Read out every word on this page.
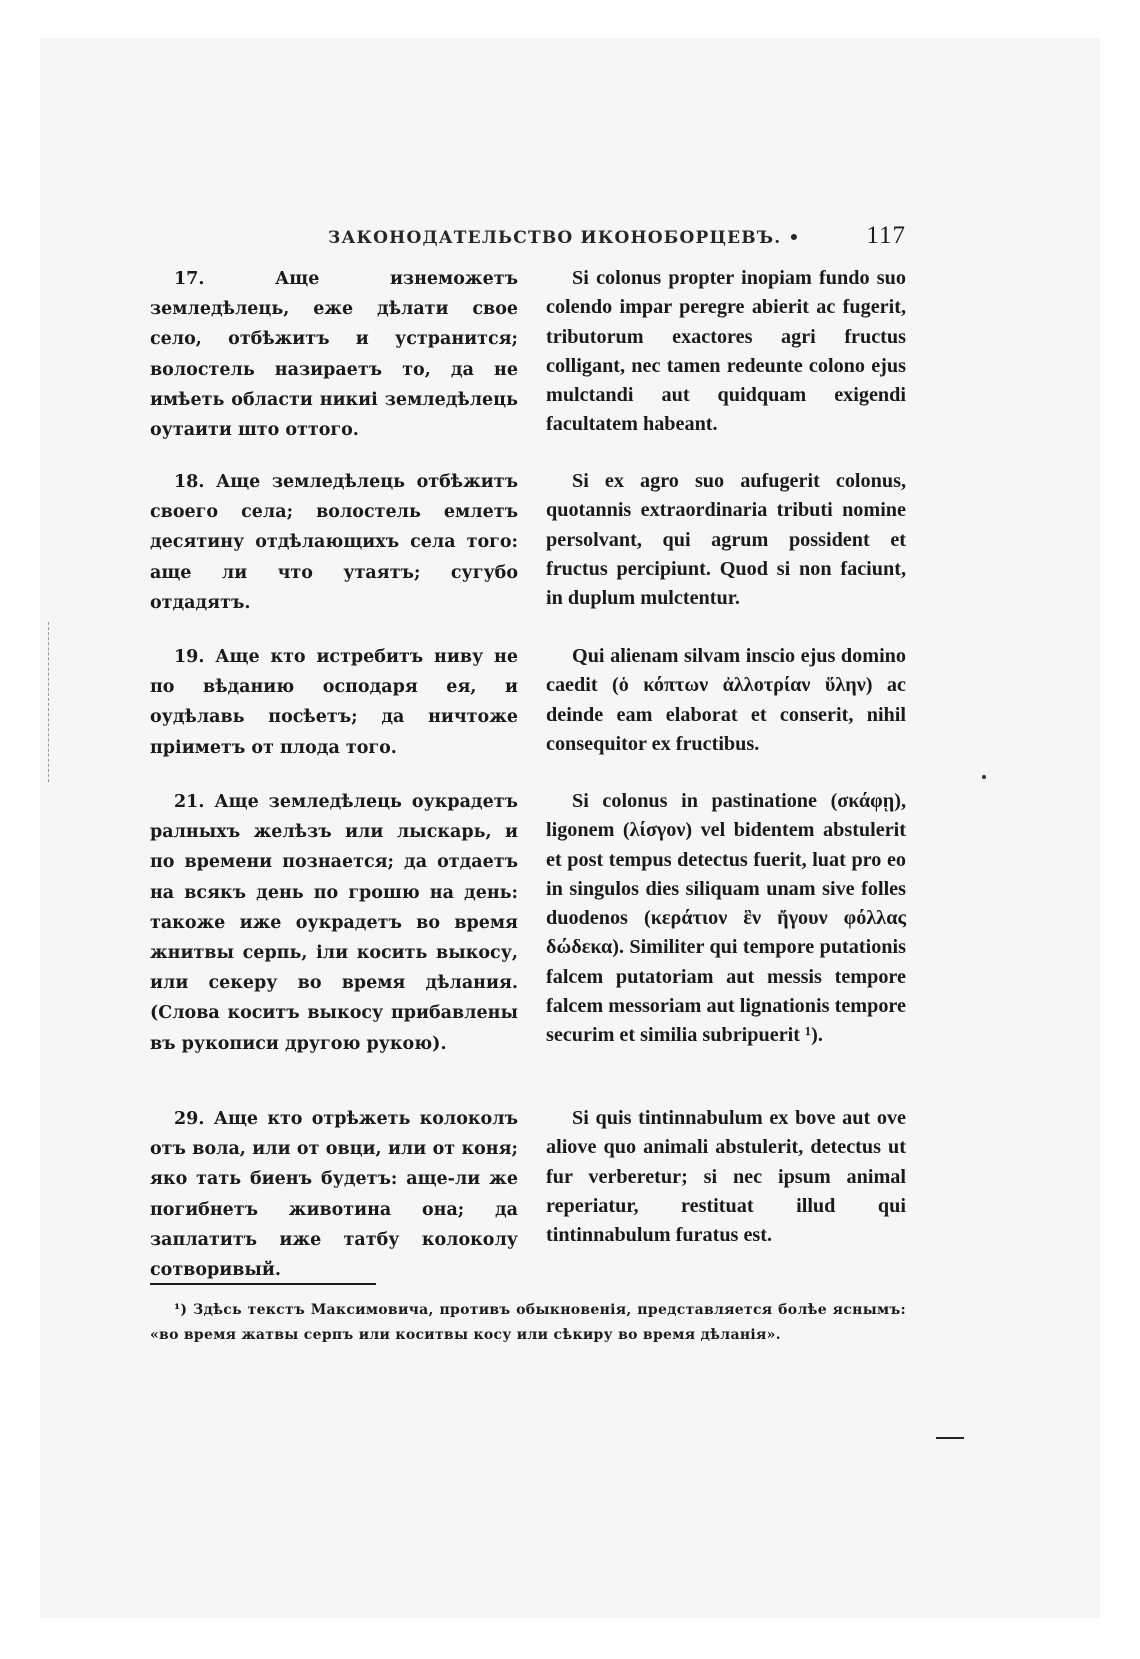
ЗАКОНОДАТЕЛЬСТВО ИКОНОБОРЦЕВЪ. •	117

17. Аще изнеможетъ земледѣлець, еже дѣлати свое село, отбѣжитъ и устранится; волостель назираетъ то, да не имѣеть области никиі земледѣлець оутаити што оттого.

Si colonus propter inopiam fundo suo colendo impar peregre abierit ac fugerit, tributorum exactores agri fructus colligant, nec tamen redeunte colono ejus mulctandi aut quidquam exigendi facultatem habeant.

18. Аще земледѣлець отбѣжитъ своего села; волостель емлетъ десятину отдѣлающихъ села того: аще ли что утаятъ; сугубо отдадятъ.

Si ex agro suo aufugerit colonus, quotannis extraordinaria tributi nomine persolvant, qui agrum possident et fructus percipiunt. Quod si non faciunt, in duplum mulctentur.

19. Аще кто истребитъ ниву не по вѣданию осподаря ея, и оудѣлавь посѣетъ; да ничтоже пріиметъ от плода того.

Qui alienam silvam inscio ejus domino caedit (ὁ κόπτων ἀλλοτρίαν ὕλην) ac deinde eam elaborat et conserit, nihil consequitor ex fructibus.

21. Аще земледѣлець оукрадетъ ралныхъ желѣзъ или лыскарь, и по времени познается; да отдаетъ на всякъ день по грошю на день: такоже иже оукрадетъ во время жнитвы серпь, іли косить выкосу, или секеру во время дѣлания. (Слова коситъ выкосу прибавлены въ рукописи другою рукою).

Si colonus in pastinatione (σκάφῃ), ligonem (λίσγον) vel bidentem abstulerit et post tempus detectus fuerit, luat pro eo in singulos dies siliquam unam sive folles duodenos (κεράτιον ἓν ἤγουν φόλλας δώδεκα). Similiter qui tempore putationis falcem putatoriam aut messis tempore falcem messoriam aut lignationis tempore securim et similia subripuerit ¹).

29. Аще кто отрѣжеть колоколъ отъ вола, или от овци, или от коня; яко тать биенъ будетъ: аще-ли же погибнетъ животина она; да заплатитъ иже татбу колоколу сотворивый.

Si quis tintinnabulum ex bove aut ove aliove quo animali abstulerit, detectus ut fur verberetur; si nec ipsum animal reperiatur, restituat illud qui tintinnabulum furatus est.

¹) Здѣсь текстъ Максимовича, противъ обыкновенія, представляется болѣе яснымъ: «во время жатвы серпъ или коситвы косу или сѣкиру во время дѣланія».
